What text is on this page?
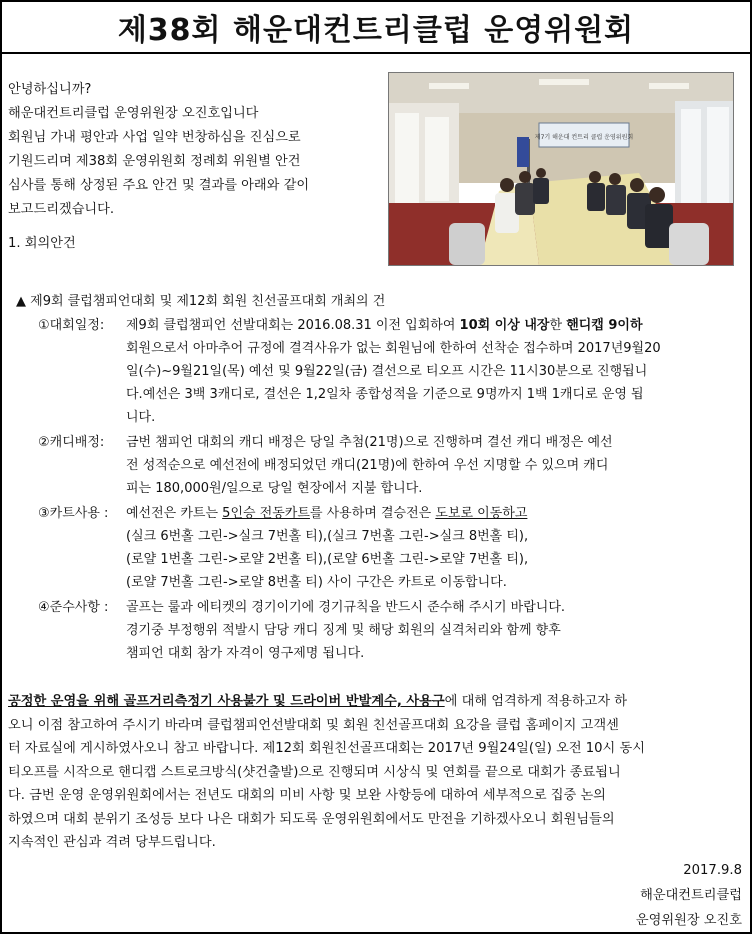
제38회 해운대컨트리클럽 운영위원회

안녕하십니까?

해운대컨트리클럽 운영위원장 오진호입니다

회원님 가내 평안과 사업 일약 번창하심을 진심으로

기원드리며 제38회 운영위원회 정례회 위원별 안건

심사를 통해 상정된 주요 안건 및 결과를 아래와 같이

보고드리겠습니다.

1. 회의안건

제7기 해운대 컨트리 클럽 운영위원회
▲ 제9회 클럽챔피언대회 및 제12회 회원 친선골프대회 개최의 건
①대회일정:	제9회 클럽챔피언 선발대회는 2016.08.31 이전 입회하여 10회 이상 내장한 핸디캡 9이하
회원으로서 아마추어 규정에 결격사유가 없는 회원님에 한하여 선착순 접수하며 2017년9월20
일(수)~9월21일(목) 예선 및 9월22일(금) 결선으로 티오프 시간은 11시30분으로 진행됩니
다.예선은 3백 3캐디로, 결선은 1,2일차 종합성적을 기준으로 9명까지 1백 1캐디로 운영 됩
니다.
②캐디배정:	금번 챔피언 대회의 캐디 배정은 당일 추첨(21명)으로 진행하며 결선 캐디 배정은 예선
전 성적순으로 예선전에 배정되었던 캐디(21명)에 한하여 우선 지명할 수 있으며 캐디
피는 180,000원/일으로 당일 현장에서 지불 합니다.
③카트사용 :	예선전은 카트는 5인승 전동카트를 사용하며 결승전은 도보로 이동하고
(실크 6번홀 그린->실크 7번홀 티),(실크 7번홀 그린->실크 8번홀 티),
(로얄 1번홀 그린->로얄 2번홀 티),(로얄 6번홀 그린->로얄 7번홀 티),
(로얄 7번홀 그린->로얄 8번홀 티) 사이 구간은 카트로 이동합니다.
④준수사항 :	골프는 룰과 에티켓의 경기이기에 경기규칙을 반드시 준수해 주시기 바랍니다.
경기중 부정행위 적발시 담당 캐디 징계 및 해당 회원의 실격처리와 함께 향후
챔피언 대회 참가 자격이 영구제명 됩니다.

공정한 운영을 위해 골프거리측정기 사용불가 및 드라이버 반발계수, 사용구에 대해 엄격하게 적용하고자 하

오니 이점 참고하여 주시기 바라며 클럽챔피언선발대회 및 회원 친선골프대회 요강을 클럽 홈페이지 고객센

터 자료실에 게시하였사오니 참고 바랍니다. 제12회 회원친선골프대회는 2017년 9월24일(일) 오전 10시 동시

티오프를 시작으로 핸디캡 스트로크방식(샷건출발)으로 진행되며 시상식 및 연회를 끝으로 대회가 종료됩니

다. 금번 운영 운영위원회에서는 전년도 대회의 미비 사항 및 보완 사항등에 대하여 세부적으로 집중 논의

하였으며 대회 분위기 조성등 보다 나은 대회가 되도록 운영위원회에서도 만전을 기하겠사오니 회원님들의

지속적인 관심과 격려 당부드립니다.

2017.9.8

해운대컨트리클럽

운영위원장 오진호
